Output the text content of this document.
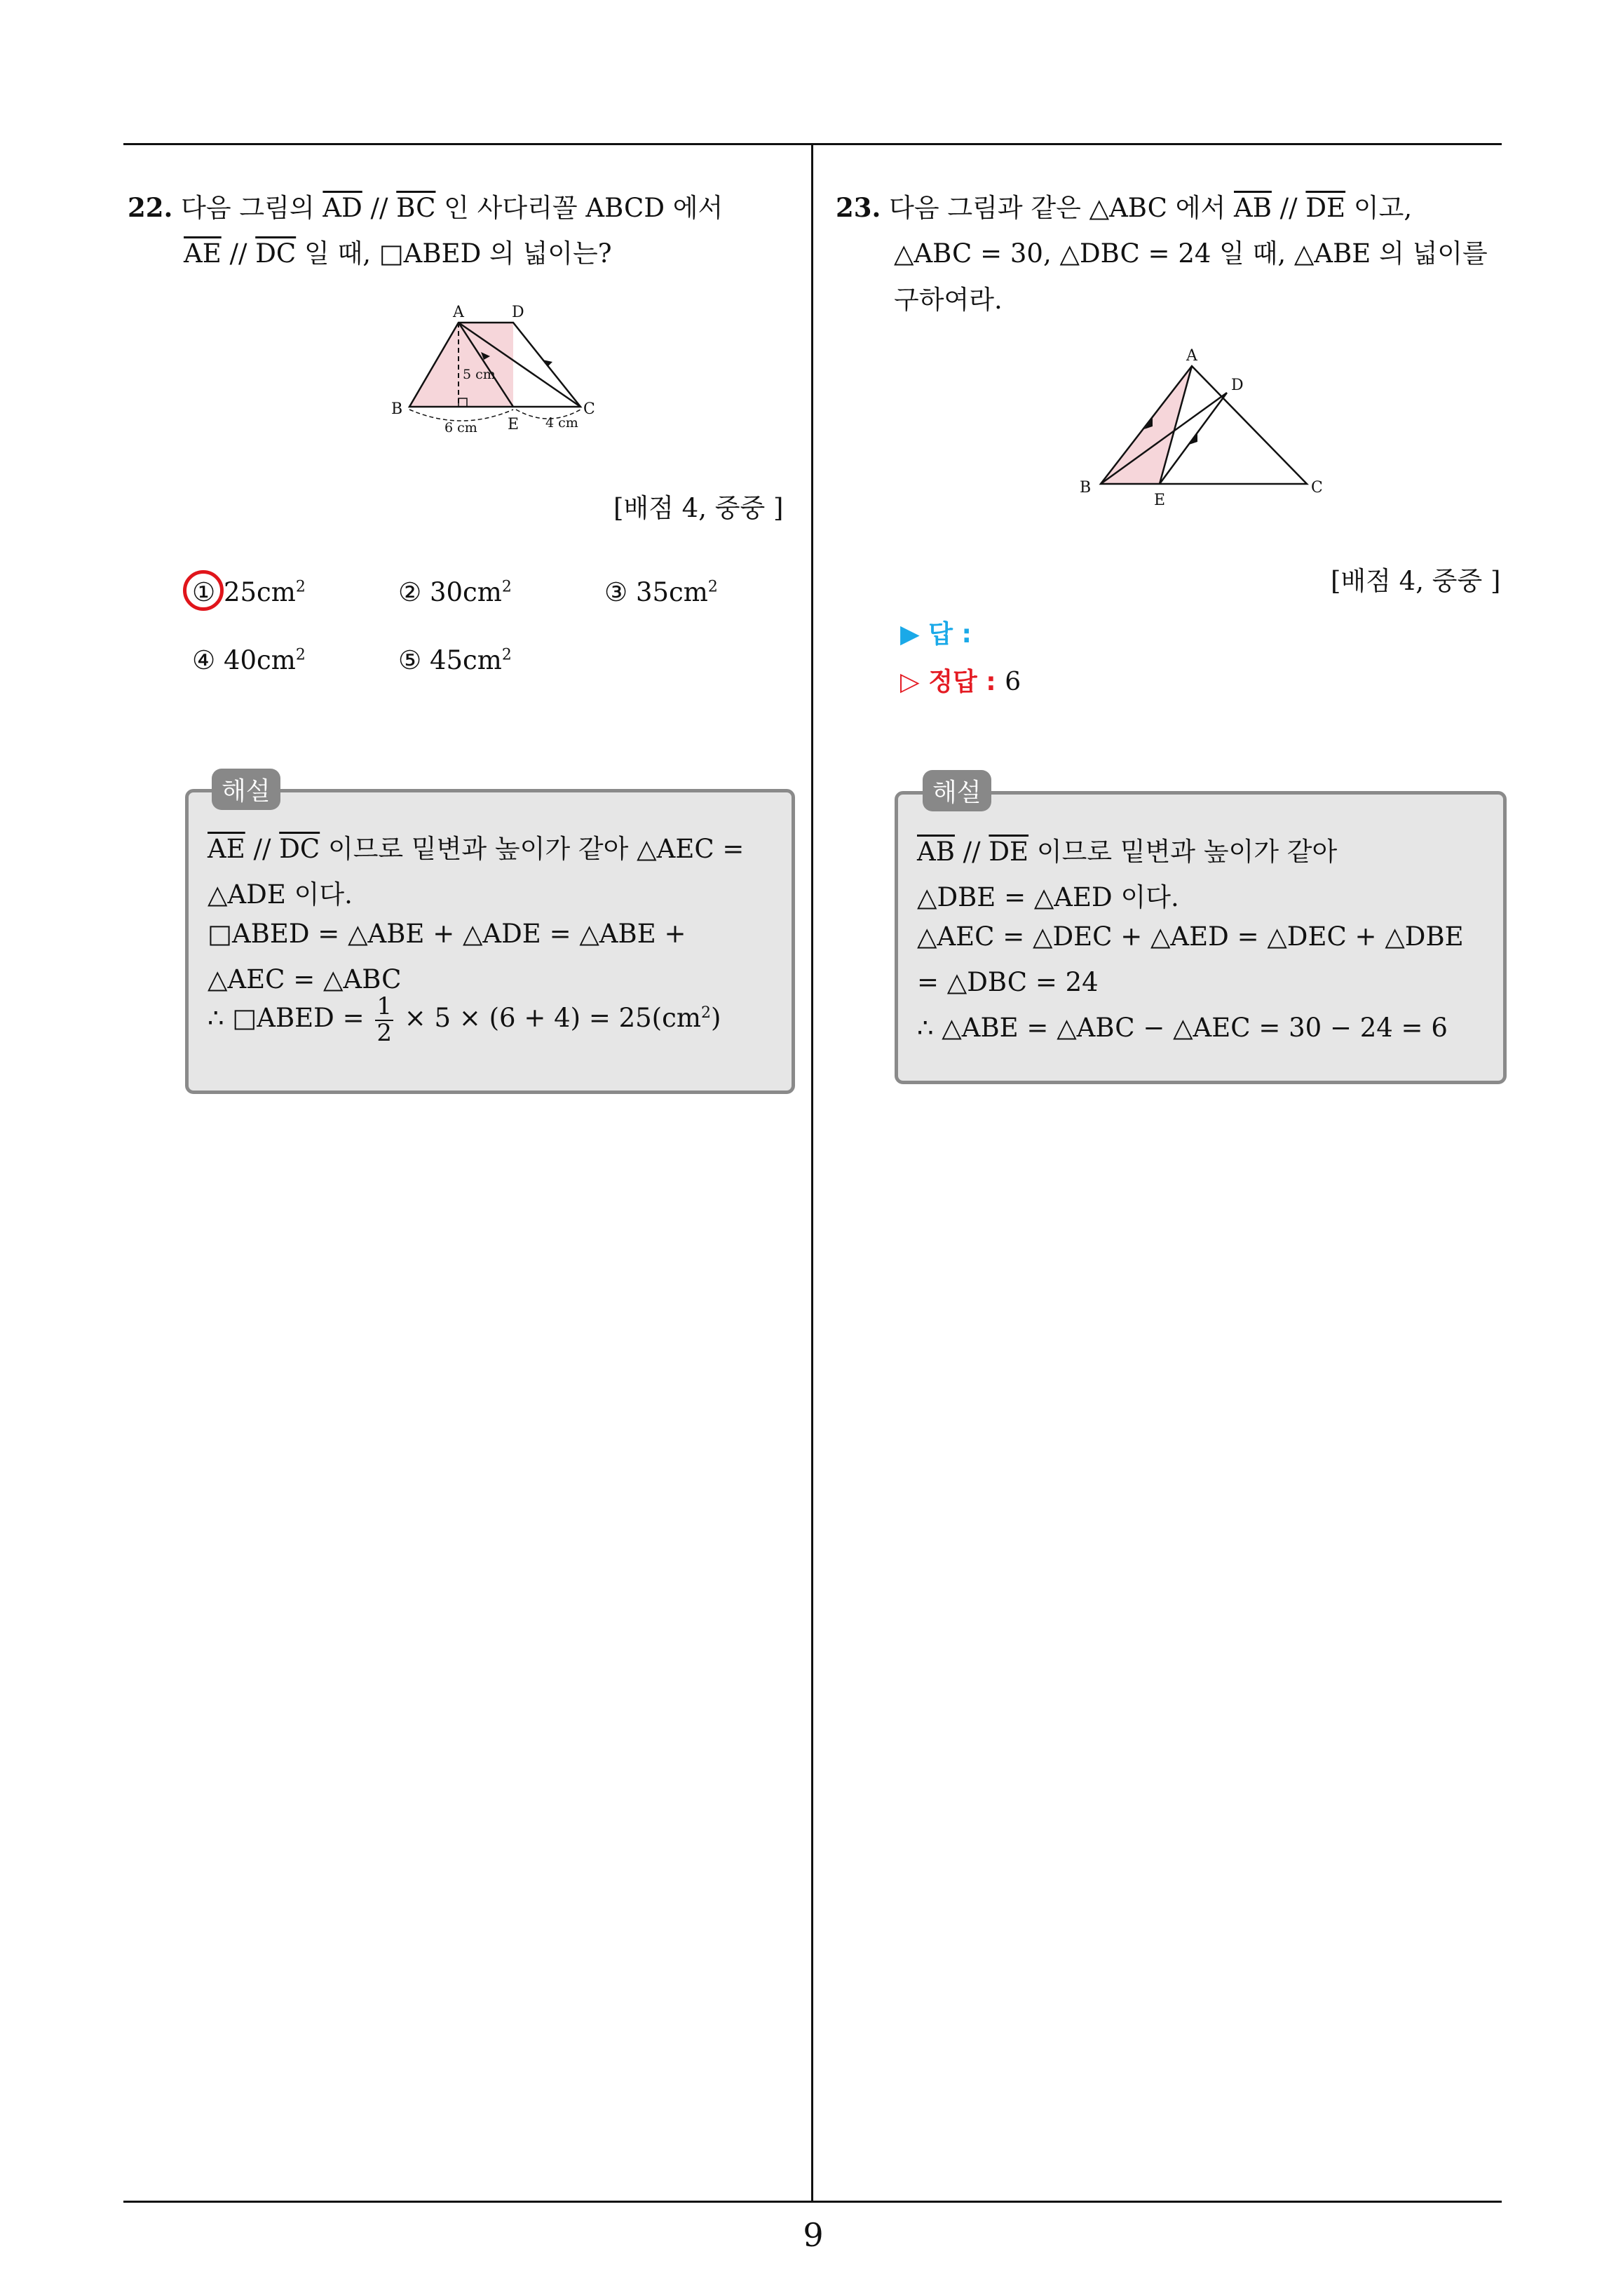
9
22. 다음 그림의 $\overline{AD} // \overline{BC}$ 인 사다리꼴 ABCD 에서
$\overline{AE} // \overline{DC}$ 일 때, □ABED 의 넓이는?
A	D
B	C
E
5 cm
6 cm	4 cm
[배점 4, 중중 ]
① $25cm^2$	② $30cm^2$	③ $35cm^2$
④ $40cm^2$	⑤ $45cm^2$
해설
$\overline{AE} // \overline{DC}$ 이므로 밑변과 높이가 같아 △AEC =
△ADE 이다.
□ABED = △ABE + △ADE = △ABE +
△AEC = △ABC
∴ □ABED = $\frac{1}{2} \times 5 \times (6 + 4) = 25(cm^2)$
23. 다음 그림과 같은 △ABC 에서 $\overline{AB} // \overline{DE}$ 이고,
△ABC = 30, △DBC = 24 일 때, △ABE 의 넓이를
구하여라.
A
D
B	C
E
[배점 4, 중중 ]
▶ 답 :
▷ 정답 : 6
해설
$\overline{AB} // \overline{DE}$ 이므로 밑변과 높이가 같아
△DBE = △AED 이다.
△AEC = △DEC + △AED = △DEC + △DBE
= △DBC = 24
∴ △ABE = △ABC − △AEC = 30 − 24 = 6
